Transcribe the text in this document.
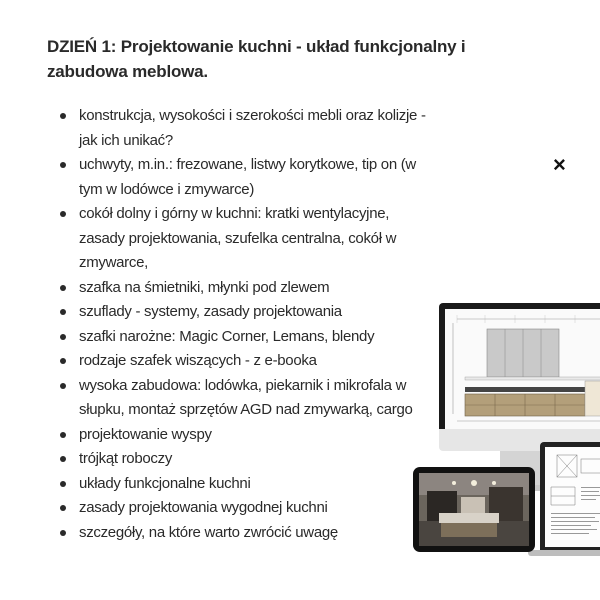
DZIEŃ 1: Projektowanie kuchni - układ funkcjonalny i zabudowa meblowa.
konstrukcja, wysokości i szerokości mebli oraz kolizje - jak ich unikać?
uchwyty, m.in.: frezowane, listwy korytkowe, tip on (w tym w lodówce i zmywarce)
cokół dolny i górny w kuchni: kratki wentylacyjne, zasady projektowania, szufelka centralna, cokół w zmywarce,
szafka na śmietniki, młynki pod zlewem
szuflady - systemy, zasady projektowania
szafki narożne: Magic Corner, Lemans, blendy
rodzaje szafek wiszących - z e-booka
wysoka zabudowa: lodówka, piekarnik i mikrofala w słupku, montaż sprzętów AGD nad zmywarką, cargo
projektowanie wyspy
trójkąt roboczy
układy funkcjonalne kuchni
zasady projektowania wygodnej kuchni
szczegóły, na które warto zwrócić uwagę
×
